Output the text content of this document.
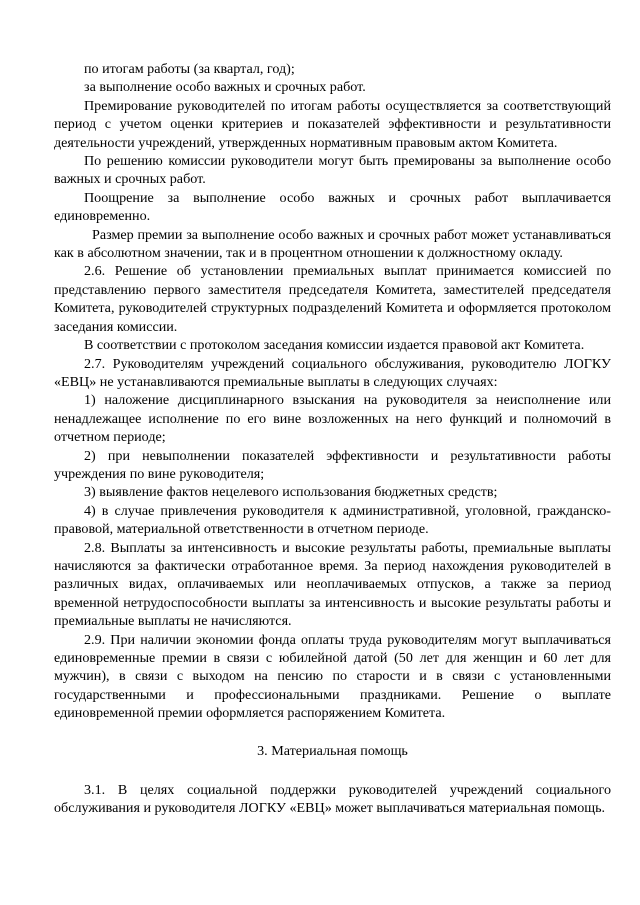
по итогам работы (за квартал, год);

за выполнение особо важных и срочных работ.

Премирование руководителей по итогам работы осуществляется за соответствующий период с учетом оценки критериев и показателей эффективности и результативности деятельности учреждений, утвержденных нормативным правовым актом Комитета.

По решению комиссии руководители могут быть премированы за выполнение особо важных и срочных работ.

Поощрение за выполнение особо важных и срочных работ выплачивается единовременно.

Размер премии за выполнение особо важных и срочных работ может устанавливаться как в абсолютном значении, так и в процентном отношении к должностному окладу.

2.6. Решение об установлении премиальных выплат принимается комиссией по представлению первого заместителя председателя Комитета, заместителей председателя Комитета, руководителей структурных подразделений Комитета и оформляется протоколом заседания комиссии.

В соответствии с протоколом заседания комиссии издается правовой акт Комитета.

2.7. Руководителям учреждений социального обслуживания, руководителю ЛОГКУ «ЕВЦ» не устанавливаются премиальные выплаты в следующих случаях:

1) наложение дисциплинарного взыскания на руководителя за неисполнение или ненадлежащее исполнение по его вине возложенных на него функций и полномочий в отчетном периоде;

2) при невыполнении показателей эффективности и результативности работы учреждения по вине руководителя;

3) выявление фактов нецелевого использования бюджетных средств;

4) в случае привлечения руководителя к административной, уголовной, гражданско-правовой, материальной ответственности в отчетном периоде.

2.8. Выплаты за интенсивность и высокие результаты работы, премиальные выплаты начисляются за фактически отработанное время. За период нахождения руководителей в различных видах, оплачиваемых или неоплачиваемых отпусков, а также за период временной нетрудоспособности выплаты за интенсивность и высокие результаты работы и премиальные выплаты не начисляются.

2.9. При наличии экономии фонда оплаты труда руководителям могут выплачиваться единовременные премии в связи с юбилейной датой (50 лет для женщин и 60 лет для мужчин), в связи с выходом на пенсию по старости и в связи с установленными государственными и профессиональными праздниками. Решение о выплате единовременной премии оформляется распоряжением Комитета.

3. Материальная помощь

3.1. В целях социальной поддержки руководителей учреждений социального обслуживания и руководителя ЛОГКУ «ЕВЦ» может выплачиваться материальная помощь.
